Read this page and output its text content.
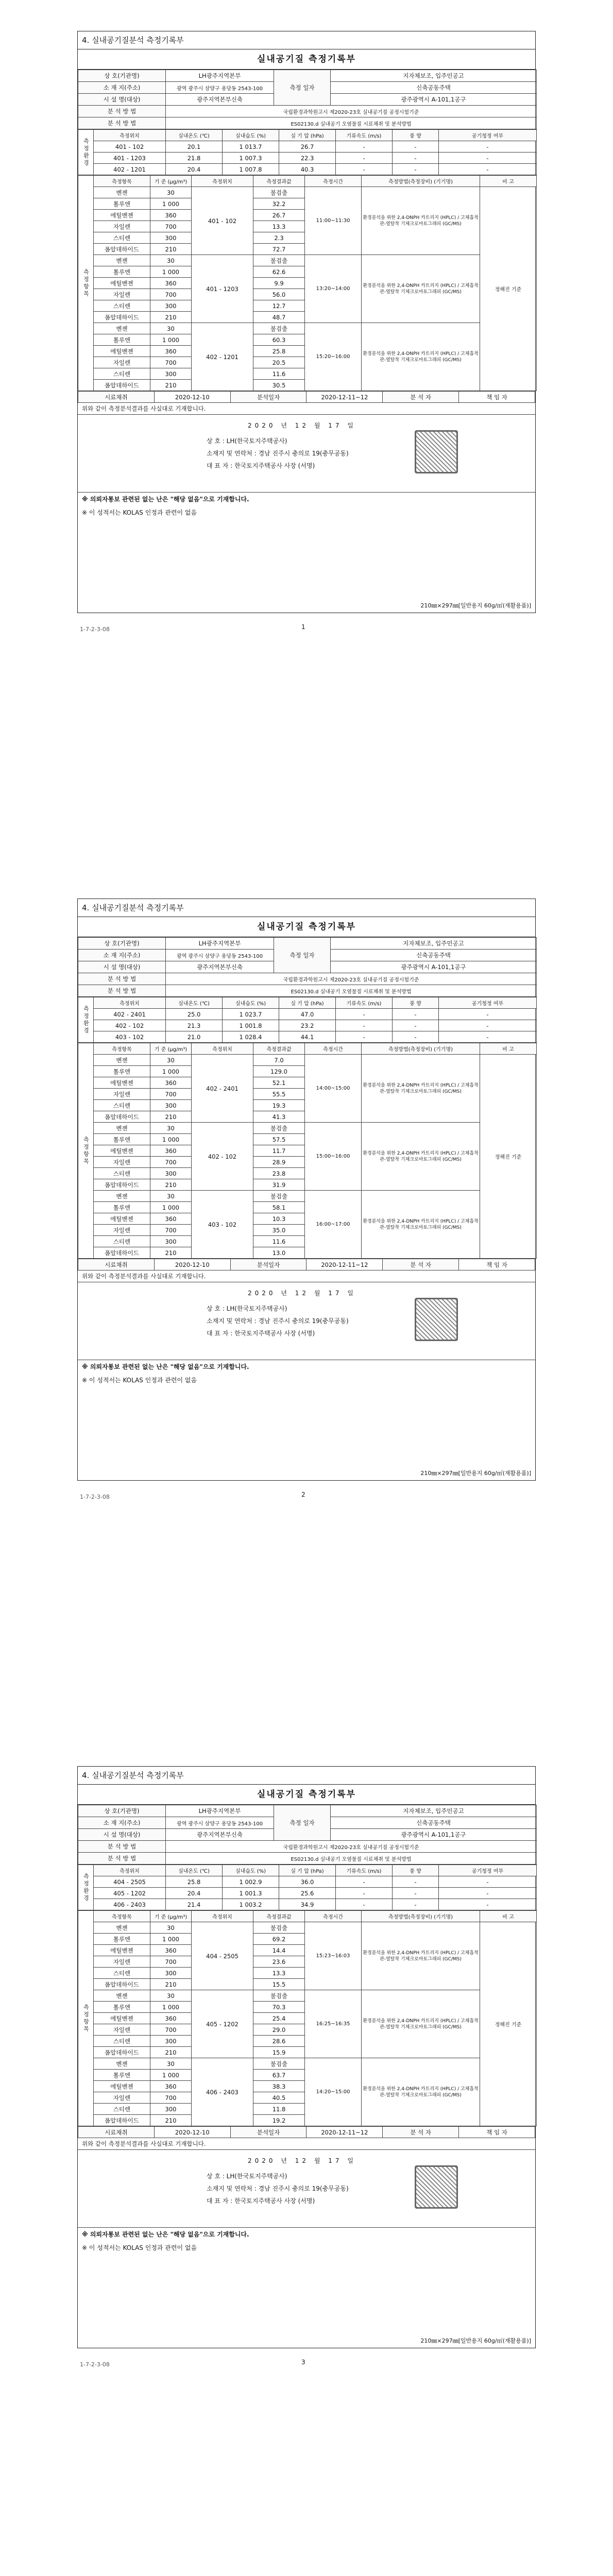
4. 실내공기질분석 측정기록부
실내공기질 측정기록부
상 호(기관명)	LH광주지역본부	측정 일자	지자체보조, 입주민공고
소 재 지(주소)	광역 광주시 삼양구 용당동 2543-100		신축공동주택
시 설 명(대상)	광주지역본부신축		광주광역시 A-101,1공구
분 석 방 법	국립환경과학원고시 제2020-23호 실내공기질 공정시험기준		
분 석 방 법	ES02130.d 실내공기 오염물질 시료채취 및 분석방법		
측정환경	측정위치	실내온도 (℃)	실내습도 (%)	실 기 압 (hPa)	기류속도 (m/s)	풍 향	공기청정 여부
	401 - 102	20.1	1 013.7	26.7	-	-	-
	401 - 1203	21.8	1 007.3	22.3	-	-	-
	402 - 1201	20.4	1 007.8	40.3	-	-	-
측정항목	측정항목	기 준 (μg/m³)	측정위치	측정결과값	측정시간	측정방법(측정장비) (기기명)	비 고
	벤젠	30	401 - 102	불검출	11:00~11:30	환경분석을 위한 2,4-DNPH 카트리지 (HPLC) / 고체흡착관-열탈착 기체크로마토그래피 (GC/MS)	정해진 기준
	톨루엔	1 000		32.2			
	에틸벤젠	360		26.7			
	자일렌	700		13.3			
	스티렌	300		2.3			
	폼알데하이드	210		72.7			
	벤젠	30	401 - 1203	불검출	13:20~14:00	환경분석을 위한 2,4-DNPH 카트리지 (HPLC) / 고체흡착관-열탈착 기체크로마토그래피 (GC/MS)	
	톨루엔	1 000		62.6			
	에틸벤젠	360		9.9			
	자일렌	700		56.0			
	스티렌	300		12.7			
	폼알데하이드	210		48.7			
	벤젠	30	402 - 1201	불검출	15:20~16:00	환경분석을 위한 2,4-DNPH 카트리지 (HPLC) / 고체흡착관-열탈착 기체크로마토그래피 (GC/MS)	
	톨루엔	1 000		60.3			
	에틸벤젠	360		25.8			
	자일렌	700		20.5			
	스티렌	300		11.6			
	폼알데하이드	210		30.5			
시료채취	2020-12-10	분석일자	2020-12-11~12	분 석 자	책 임 자
위와 같이 측정분석결과를 사실대로 기재합니다.
2020 년 12 월 17 일
상 호 : LH(한국토지주택공사)
소재지 및 연락처 : 경남 진주시 충의로 19(충무공동)
대 표 자 : 한국토지주택공사 사장 (서명)
※ 의뢰자통보 관련된 없는 난은 "해당 없음"으로 기재합니다.
※ 이 성적서는 KOLAS 인정과 관련이 없음
210㎜×297㎜[일반용지 60g/㎡(재활용품)]
1-7-2-3-08	1
4. 실내공기질분석 측정기록부
실내공기질 측정기록부
상 호(기관명)	LH광주지역본부	측정 일자	지자체보조, 입주민공고
소 재 지(주소)	광역 광주시 삼양구 용당동 2543-100		신축공동주택
시 설 명(대상)	광주지역본부신축		광주광역시 A-101,1공구
분 석 방 법	국립환경과학원고시 제2020-23호 실내공기질 공정시험기준		
분 석 방 법	ES02130.d 실내공기 오염물질 시료채취 및 분석방법		
측정환경	측정위치	실내온도 (℃)	실내습도 (%)	실 기 압 (hPa)	기류속도 (m/s)	풍 향	공기청정 여부
	402 - 2401	25.0	1 023.7	47.0	-	-	-
	402 - 102	21.3	1 001.8	23.2	-	-	-
	403 - 102	21.0	1 028.4	44.1	-	-	-
측정항목	측정항목	기 준 (μg/m³)	측정위치	측정결과값	측정시간	측정방법(측정장비) (기기명)	비 고
	벤젠	30	402 - 2401	7.0	14:00~15:00	환경분석을 위한 2,4-DNPH 카트리지 (HPLC) / 고체흡착관-열탈착 기체크로마토그래피 (GC/MS)	정해진 기준
	톨루엔	1 000		129.0			
	에틸벤젠	360		52.1			
	자일렌	700		55.5			
	스티렌	300		19.3			
	폼알데하이드	210		41.3			
	벤젠	30	402 - 102	불검출	15:00~16:00	환경분석을 위한 2,4-DNPH 카트리지 (HPLC) / 고체흡착관-열탈착 기체크로마토그래피 (GC/MS)	
	톨루엔	1 000		57.5			
	에틸벤젠	360		11.7			
	자일렌	700		28.9			
	스티렌	300		23.8			
	폼알데하이드	210		31.9			
	벤젠	30	403 - 102	불검출	16:00~17:00	환경분석을 위한 2,4-DNPH 카트리지 (HPLC) / 고체흡착관-열탈착 기체크로마토그래피 (GC/MS)	
	톨루엔	1 000		58.1			
	에틸벤젠	360		10.3			
	자일렌	700		35.0			
	스티렌	300		11.6			
	폼알데하이드	210		13.0			
시료채취	2020-12-10	분석일자	2020-12-11~12	분 석 자	책 임 자
위와 같이 측정분석결과를 사실대로 기재합니다.
2020 년 12 월 17 일
상 호 : LH(한국토지주택공사)
소재지 및 연락처 : 경남 진주시 충의로 19(충무공동)
대 표 자 : 한국토지주택공사 사장 (서명)
※ 의뢰자통보 관련된 없는 난은 "해당 없음"으로 기재합니다.
※ 이 성적서는 KOLAS 인정과 관련이 없음
210㎜×297㎜[일반용지 60g/㎡(재활용품)]
1-7-2-3-08	2
4. 실내공기질분석 측정기록부
실내공기질 측정기록부
상 호(기관명)	LH광주지역본부	측정 일자	지자체보조, 입주민공고
소 재 지(주소)	광역 광주시 삼양구 용당동 2543-100		신축공동주택
시 설 명(대상)	광주지역본부신축		광주광역시 A-101,1공구
분 석 방 법	국립환경과학원고시 제2020-23호 실내공기질 공정시험기준		
분 석 방 법	ES02130.d 실내공기 오염물질 시료채취 및 분석방법		
측정환경	측정위치	실내온도 (℃)	실내습도 (%)	실 기 압 (hPa)	기류속도 (m/s)	풍 향	공기청정 여부
	404 - 2505	25.8	1 002.9	36.0	-	-	-
	405 - 1202	20.4	1 001.3	25.6	-	-	-
	406 - 2403	21.4	1 003.2	34.9	-	-	-
측정항목	측정항목	기 준 (μg/m³)	측정위치	측정결과값	측정시간	측정방법(측정장비) (기기명)	비 고
	벤젠	30	404 - 2505	불검출	15:23~16:03	환경분석을 위한 2,4-DNPH 카트리지 (HPLC) / 고체흡착관-열탈착 기체크로마토그래피 (GC/MS)	정해진 기준
	톨루엔	1 000		69.2			
	에틸벤젠	360		14.4			
	자일렌	700		23.6			
	스티렌	300		13.3			
	폼알데하이드	210		15.5			
	벤젠	30	405 - 1202	불검출	16:25~16:35	환경분석을 위한 2,4-DNPH 카트리지 (HPLC) / 고체흡착관-열탈착 기체크로마토그래피 (GC/MS)	
	톨루엔	1 000		70.3			
	에틸벤젠	360		25.4			
	자일렌	700		29.0			
	스티렌	300		28.6			
	폼알데하이드	210		15.9			
	벤젠	30	406 - 2403	불검출	14:20~15:00	환경분석을 위한 2,4-DNPH 카트리지 (HPLC) / 고체흡착관-열탈착 기체크로마토그래피 (GC/MS)	
	톨루엔	1 000		63.7			
	에틸벤젠	360		38.3			
	자일렌	700		40.5			
	스티렌	300		11.8			
	폼알데하이드	210		19.2			
시료채취	2020-12-10	분석일자	2020-12-11~12	분 석 자	책 임 자
위와 같이 측정분석결과를 사실대로 기재합니다.
2020 년 12 월 17 일
상 호 : LH(한국토지주택공사)
소재지 및 연락처 : 경남 진주시 충의로 19(충무공동)
대 표 자 : 한국토지주택공사 사장 (서명)
※ 의뢰자통보 관련된 없는 난은 "해당 없음"으로 기재합니다.
※ 이 성적서는 KOLAS 인정과 관련이 없음
210㎜×297㎜[일반용지 60g/㎡(재활용품)]
1-7-2-3-08	3
